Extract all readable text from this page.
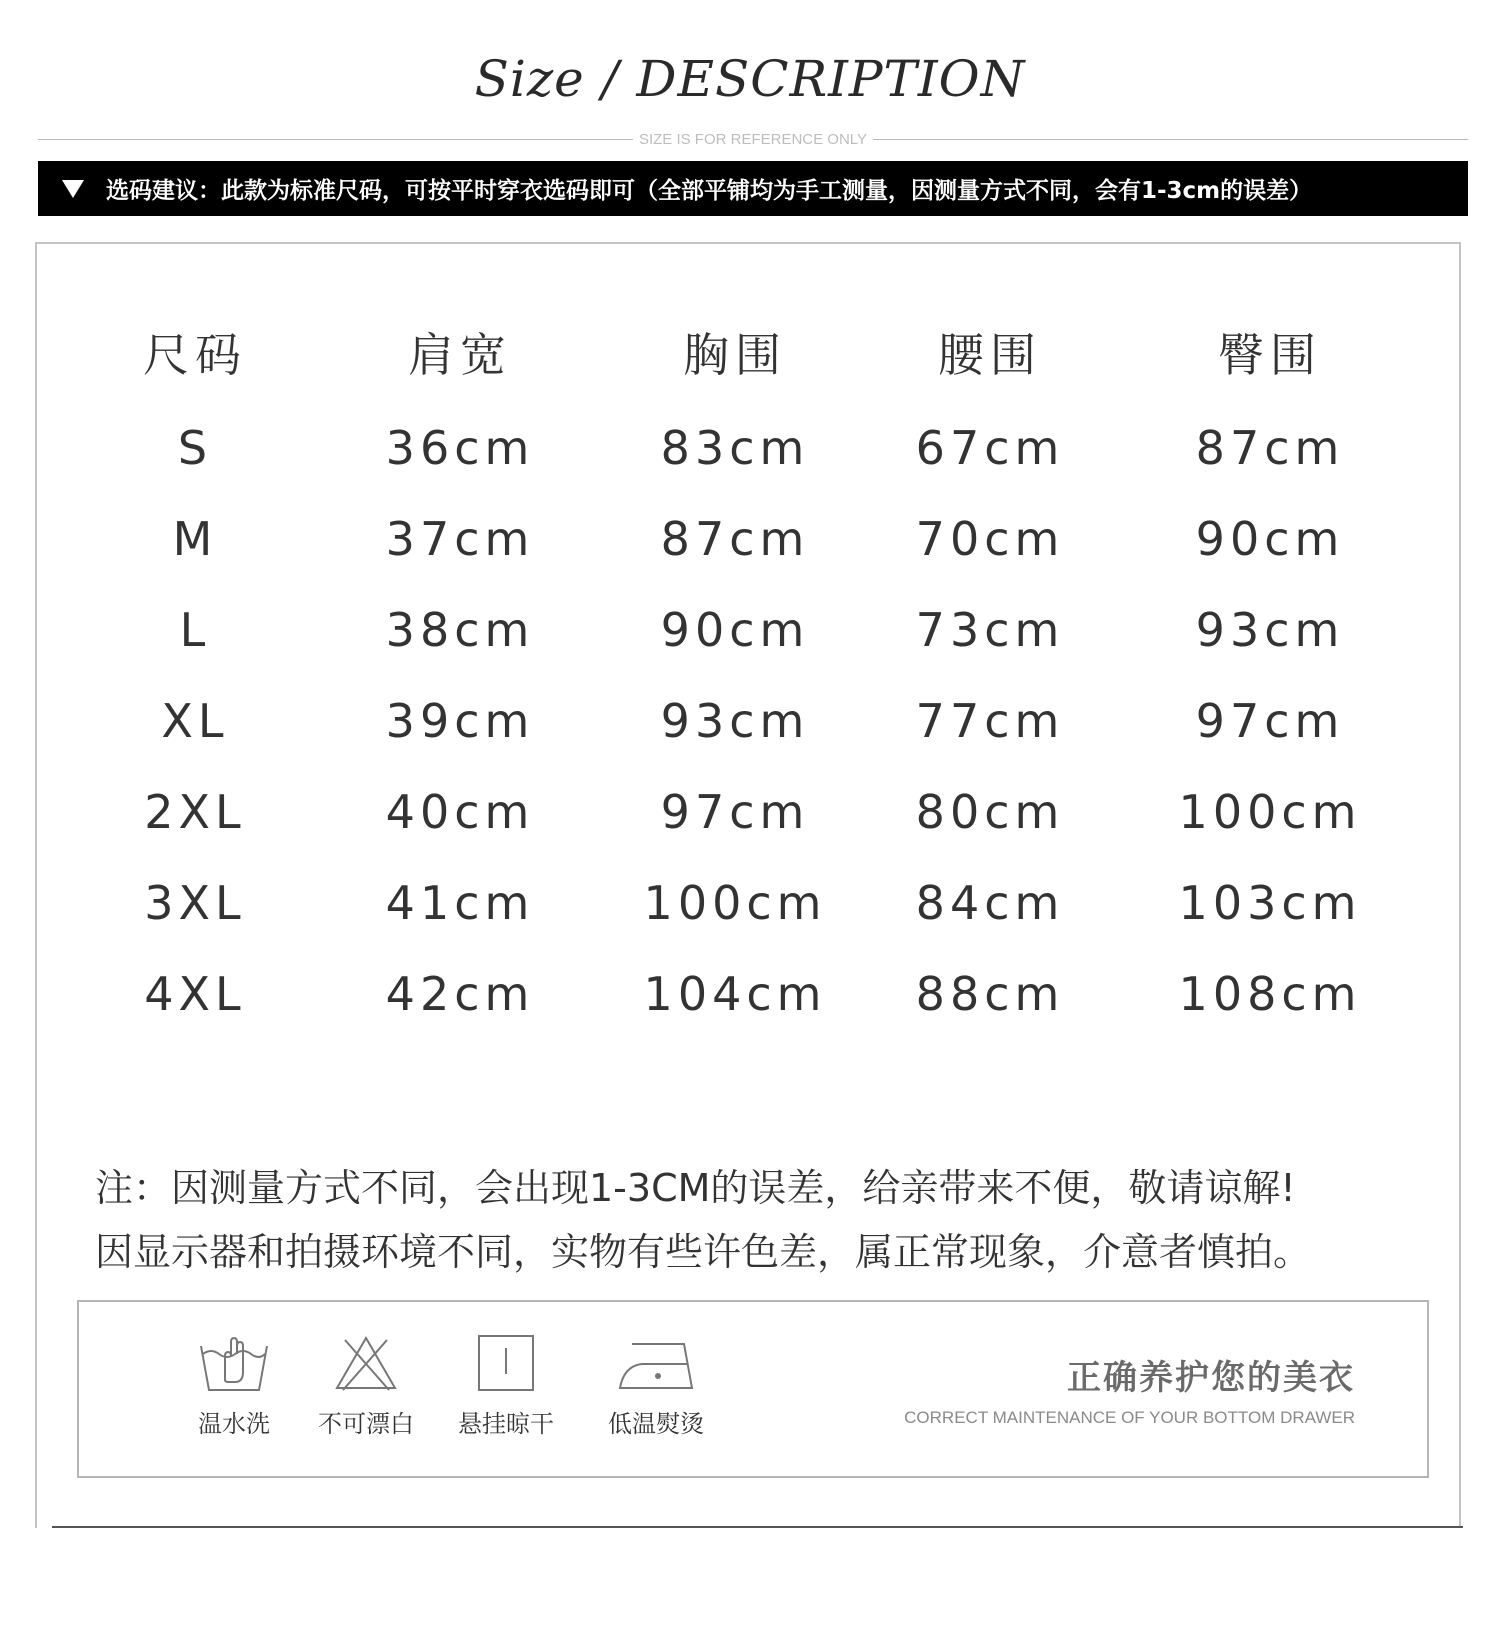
Size / DESCRIPTION
SIZE IS FOR REFERENCE ONLY
选码建议：此款为标准尺码，可按平时穿衣选码即可（全部平铺均为手工测量，因测量方式不同，会有1-3cm的误差）
尺码	肩宽	胸围	腰围	臀围
S	36cm	83cm	67cm	87cm
M	37cm	87cm	70cm	90cm
L	38cm	90cm	73cm	93cm
XL	39cm	93cm	77cm	97cm
2XL	40cm	97cm	80cm	100cm
3XL	41cm	100cm	84cm	103cm
4XL	42cm	104cm	88cm	108cm
注：因测量方式不同，会出现1-3CM的误差，给亲带来不便，敬请谅解!
因显示器和拍摄环境不同，实物有些许色差，属正常现象，介意者慎拍。
温水洗	不可漂白	悬挂晾干	低温熨烫
正确养护您的美衣
CORRECT MAINTENANCE OF YOUR BOTTOM DRAWER
